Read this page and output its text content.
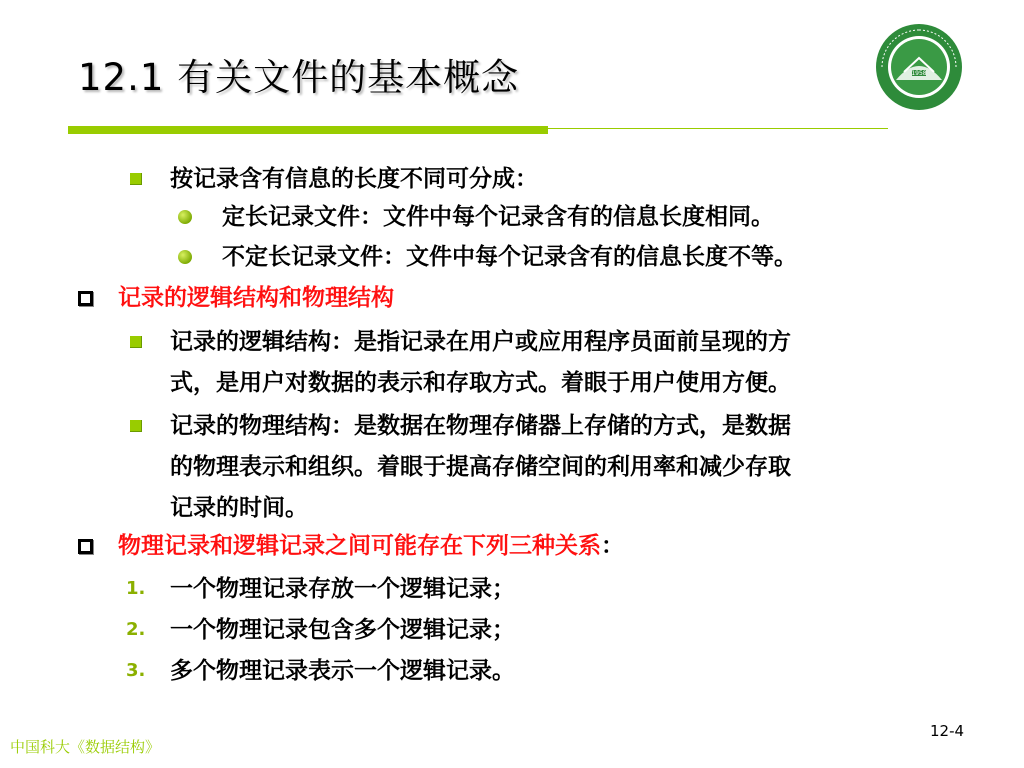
12.1 有关文件的基本概念	1958
按记录含有信息的长度不同可分成：
定长记录文件：文件中每个记录含有的信息长度相同。
不定长记录文件：文件中每个记录含有的信息长度不等。
记录的逻辑结构和物理结构
记录的逻辑结构：是指记录在用户或应用程序员面前呈现的方
式，是用户对数据的表示和存取方式。着眼于用户使用方便。
记录的物理结构：是数据在物理存储器上存储的方式，是数据
的物理表示和组织。着眼于提高存储空间的利用率和减少存取
记录的时间。
物理记录和逻辑记录之间可能存在下列三种关系：
1. 一个物理记录存放一个逻辑记录；
2. 一个物理记录包含多个逻辑记录；
3. 多个物理记录表示一个逻辑记录。
12-4
中国科大《数据结构》
